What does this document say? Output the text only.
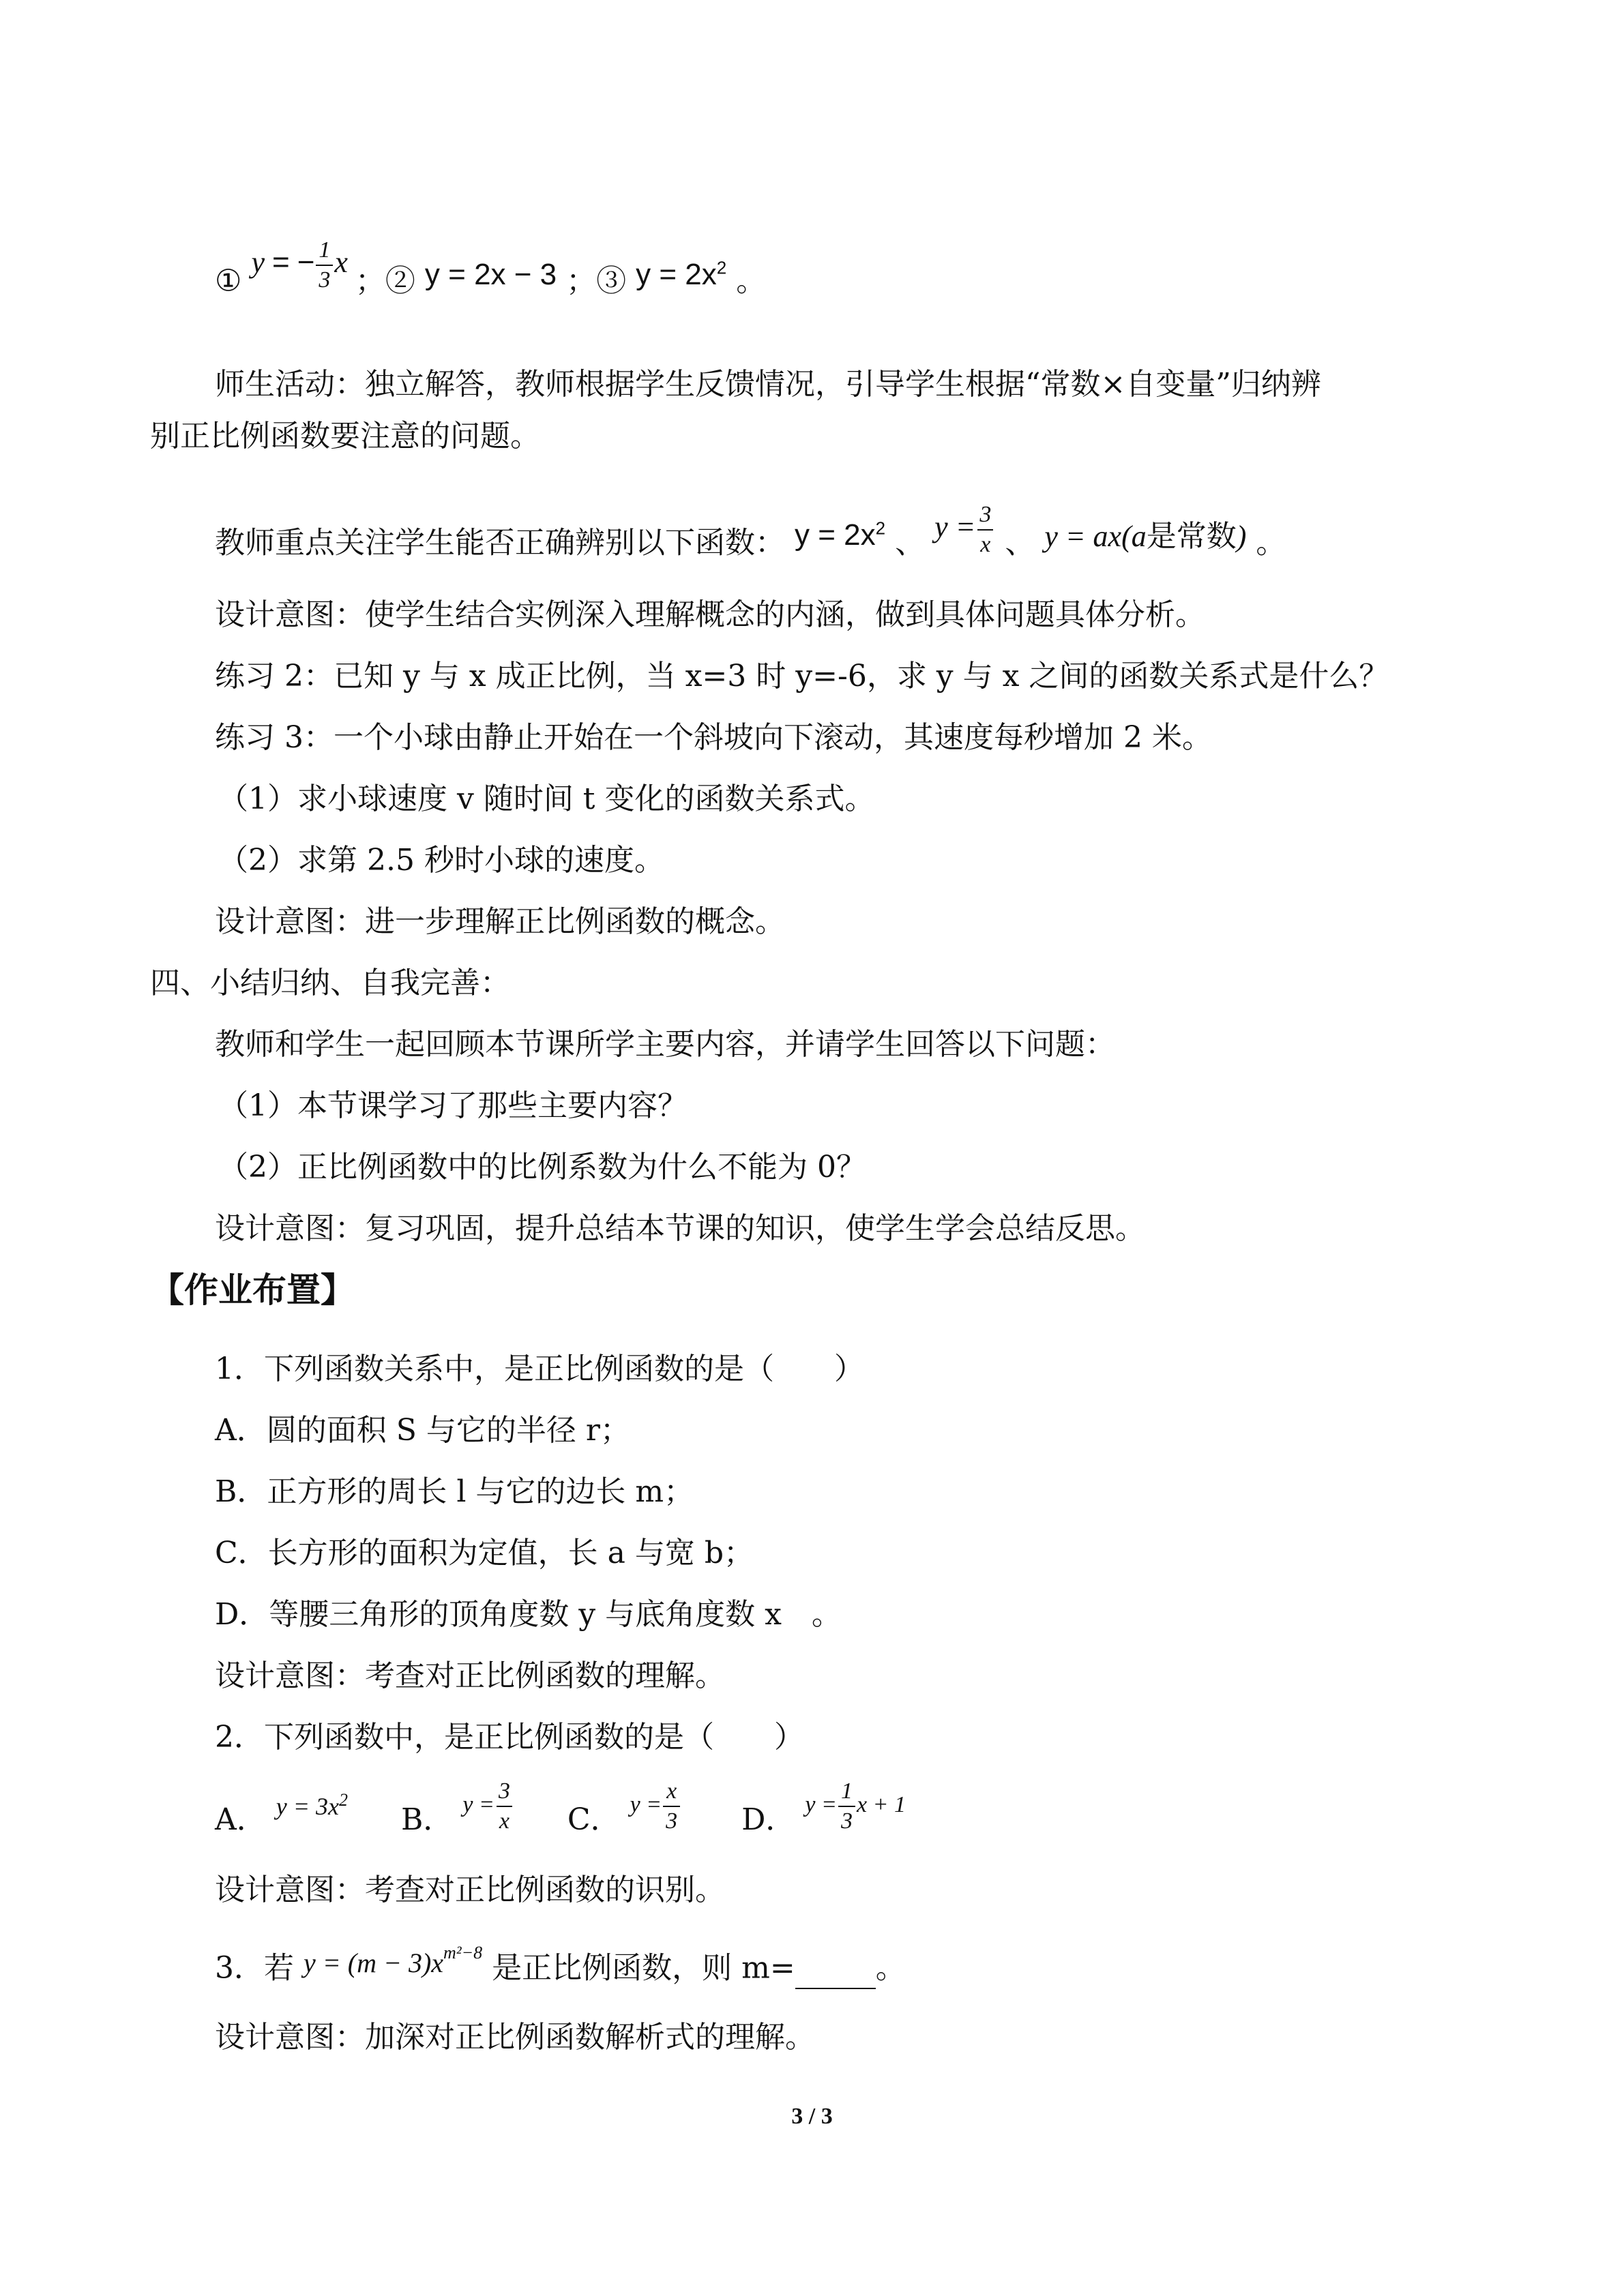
① y = − $\frac{1}{3}$ x ；② y = 2x − 3 ；③ $y = 2x^2$ 。
师生活动：独立解答，教师根据学生反馈情况，引导学生根据“常数×自变量”归纳辨
别正比例函数要注意的问题。
教师重点关注学生能否正确辨别以下函数： $y = 2x^2$ 、 $y = \frac{3}{x}$ 、 y = ax(a是常数) 。
设计意图：使学生结合实例深入理解概念的内涵，做到具体问题具体分析。
练习 2：已知 y 与 x 成正比例，当 x=3 时 y=-6，求 y 与 x 之间的函数关系式是什么？
练习 3：一个小球由静止开始在一个斜坡向下滚动，其速度每秒增加 2 米。
（1）求小球速度 v 随时间 t 变化的函数关系式。
（2）求第 2.5 秒时小球的速度。
设计意图：进一步理解正比例函数的概念。
四、小结归纳、自我完善：
教师和学生一起回顾本节课所学主要内容，并请学生回答以下问题：
（1）本节课学习了那些主要内容？
（2）正比例函数中的比例系数为什么不能为 0？
设计意图：复习巩固，提升总结本节课的知识，使学生学会总结反思。
【作业布置】
1．下列函数关系中，是正比例函数的是（　　）
A．圆的面积 S 与它的半径 r；
B．正方形的周长 l 与它的边长 m；
C．长方形的面积为定值，长 a 与宽 b；
D．等腰三角形的顶角度数 y 与底角度数 x　。
设计意图：考查对正比例函数的理解。
2．下列函数中，是正比例函数的是（　　）
A． $^{y = 3x^2}$  B． $^{y = \frac{3}{x}}$ C． $^{y = \frac{x}{3}}$ D． $^{y = \frac{1}{3} x + 1}$
设计意图：考查对正比例函数的识别。
3．若 $y = (m - 3)x^{m^2-8}$ 是正比例函数，则 m=	。
设计意图：加深对正比例函数解析式的理解。
3 / 3
